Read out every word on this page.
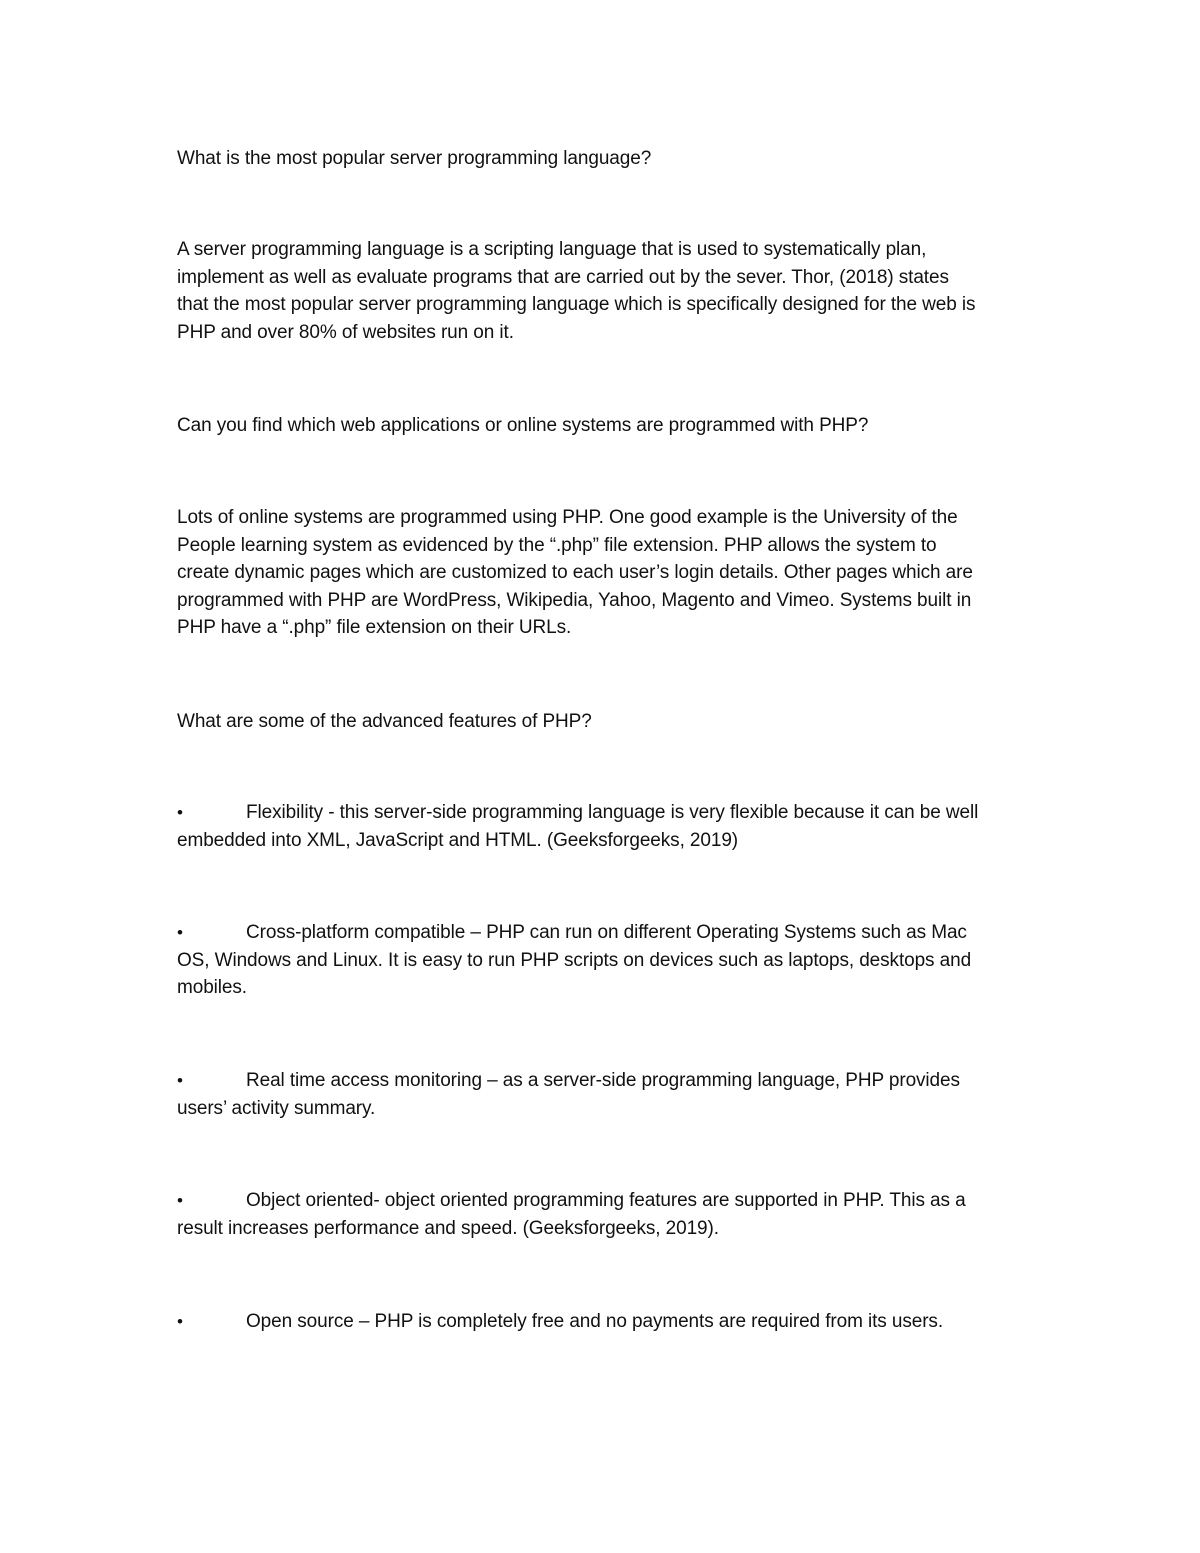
What is the most popular server programming language?
A server programming language is a scripting language that is used to systematically plan,
implement as well as evaluate programs that are carried out by the sever. Thor, (2018) states
that the most popular server programming language which is specifically designed for the web is
PHP and over 80% of websites run on it.
Can you find which web applications or online systems are programmed with PHP?
Lots of online systems are programmed using PHP. One good example is the University of the
People learning system as evidenced by the “.php” file extension. PHP allows the system to
create dynamic pages which are customized to each user’s login details. Other pages which are
programmed with PHP are WordPress, Wikipedia, Yahoo, Magento and Vimeo. Systems built in
PHP have a “.php” file extension on their URLs.
What are some of the advanced features of PHP?
•	Flexibility - this server-side programming language is very flexible because it can be well
embedded into XML, JavaScript and HTML. (Geeksforgeeks, 2019)
•	Cross-platform compatible – PHP can run on different Operating Systems such as Mac
OS, Windows and Linux. It is easy to run PHP scripts on devices such as laptops, desktops and
mobiles.
•	Real time access monitoring – as a server-side programming language, PHP provides
users’ activity summary.
•	Object oriented- object oriented programming features are supported in PHP. This as a
result increases performance and speed. (Geeksforgeeks, 2019).
•	Open source – PHP is completely free and no payments are required from its users.
